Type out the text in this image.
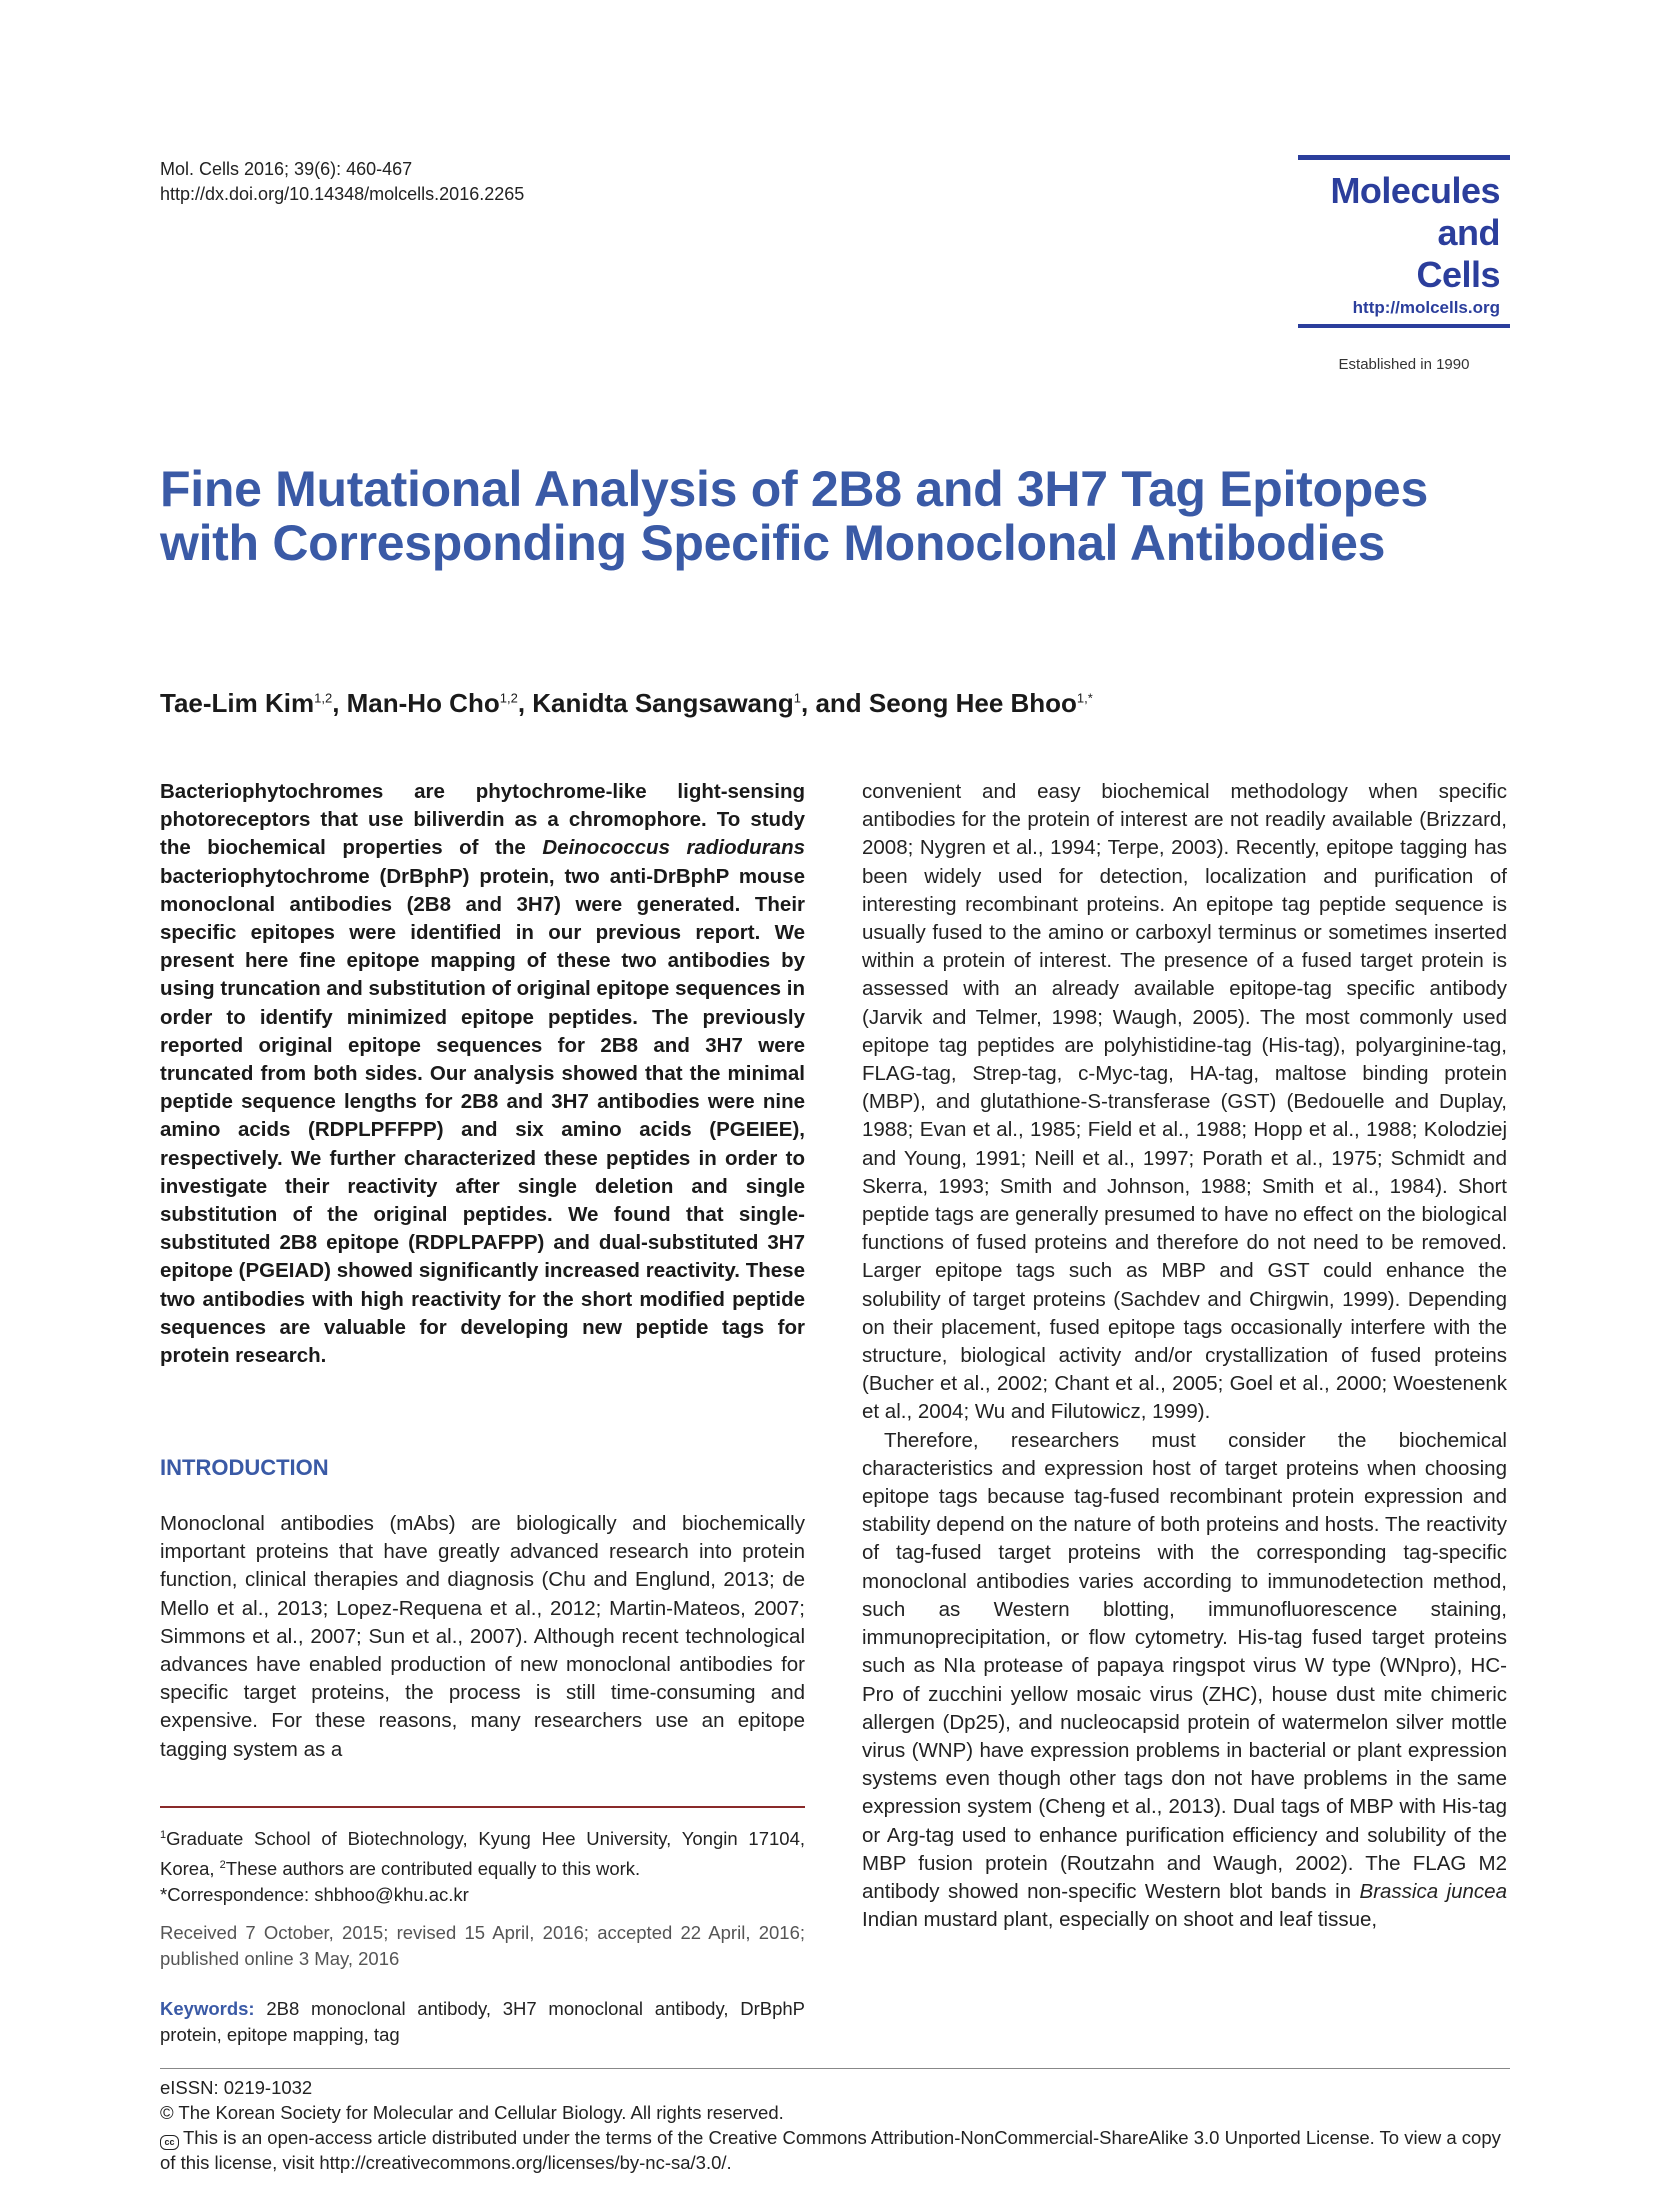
Mol. Cells 2016; 39(6): 460-467
http://dx.doi.org/10.14348/molcells.2016.2265	Molecules
and
Cells
http://molcells.org
Established in 1990
Fine Mutational Analysis of 2B8 and 3H7 Tag Epitopes with Corresponding Specific Monoclonal Antibodies
Tae-Lim Kim$^{1,2}$, Man-Ho Cho$^{1,2}$, Kanidta Sangsawang$^1$, and Seong Hee Bhoo$^{1,*}$
Bacteriophytochromes are phytochrome-like light-sensing photoreceptors that use biliverdin as a chromophore. To study the biochemical properties of the Deinococcus radiodurans bacteriophytochrome (DrBphP) protein, two anti-DrBphP mouse monoclonal antibodies (2B8 and 3H7) were generated. Their specific epitopes were identified in our previous report. We present here fine epitope mapping of these two antibodies by using truncation and substitution of original epitope sequences in order to identify minimized epitope peptides. The previously reported original epitope sequences for 2B8 and 3H7 were truncated from both sides. Our analysis showed that the minimal peptide sequence lengths for 2B8 and 3H7 antibodies were nine amino acids (RDPLPFFPP) and six amino acids (PGEIEE), respectively. We further characterized these peptides in order to investigate their reactivity after single deletion and single substitution of the original peptides. We found that single-substituted 2B8 epitope (RDPLPAFPP) and dual-substituted 3H7 epitope (PGEIAD) showed significantly increased reactivity. These two antibodies with high reactivity for the short modified peptide sequences are valuable for developing new peptide tags for protein research.
INTRODUCTION
Monoclonal antibodies (mAbs) are biologically and biochemically important proteins that have greatly advanced research into protein function, clinical therapies and diagnosis (Chu and Englund, 2013; de Mello et al., 2013; Lopez-Requena et al., 2012; Martin-Mateos, 2007; Simmons et al., 2007; Sun et al., 2007). Although recent technological advances have enabled production of new monoclonal antibodies for specific target proteins, the process is still time-consuming and expensive. For these reasons, many researchers use an epitope tagging system as a
$^1$Graduate School of Biotechnology, Kyung Hee University, Yongin 17104, Korea, $^2$These authors are contributed equally to this work.
*Correspondence: shbhoo@khu.ac.kr
Received 7 October, 2015; revised 15 April, 2016; accepted 22 April, 2016; published online 3 May, 2016
Keywords: 2B8 monoclonal antibody, 3H7 monoclonal antibody, DrBphP protein, epitope mapping, tag

convenient and easy biochemical methodology when specific antibodies for the protein of interest are not readily available (Brizzard, 2008; Nygren et al., 1994; Terpe, 2003). Recently, epitope tagging has been widely used for detection, localization and purification of interesting recombinant proteins. An epitope tag peptide sequence is usually fused to the amino or carboxyl terminus or sometimes inserted within a protein of interest. The presence of a fused target protein is assessed with an already available epitope-tag specific antibody (Jarvik and Telmer, 1998; Waugh, 2005). The most commonly used epitope tag peptides are polyhistidine-tag (His-tag), polyarginine-tag, FLAG-tag, Strep-tag, c-Myc-tag, HA-tag, maltose binding protein (MBP), and glutathione-S-transferase (GST) (Bedouelle and Duplay, 1988; Evan et al., 1985; Field et al., 1988; Hopp et al., 1988; Kolodziej and Young, 1991; Neill et al., 1997; Porath et al., 1975; Schmidt and Skerra, 1993; Smith and Johnson, 1988; Smith et al., 1984). Short peptide tags are generally presumed to have no effect on the biological functions of fused proteins and therefore do not need to be removed. Larger epitope tags such as MBP and GST could enhance the solubility of target proteins (Sachdev and Chirgwin, 1999). Depending on their placement, fused epitope tags occasionally interfere with the structure, biological activity and/or crystallization of fused proteins (Bucher et al., 2002; Chant et al., 2005; Goel et al., 2000; Woestenenk et al., 2004; Wu and Filutowicz, 1999).

Therefore, researchers must consider the biochemical characteristics and expression host of target proteins when choosing epitope tags because tag-fused recombinant protein expression and stability depend on the nature of both proteins and hosts. The reactivity of tag-fused target proteins with the corresponding tag-specific monoclonal antibodies varies according to immunodetection method, such as Western blotting, immunofluorescence staining, immunoprecipitation, or flow cytometry. His-tag fused target proteins such as NIa protease of papaya ringspot virus W type (WNpro), HC-Pro of zucchini yellow mosaic virus (ZHC), house dust mite chimeric allergen (Dp25), and nucleocapsid protein of watermelon silver mottle virus (WNP) have expression problems in bacterial or plant expression systems even though other tags don not have problems in the same expression system (Cheng et al., 2013). Dual tags of MBP with His-tag or Arg-tag used to enhance purification efficiency and solubility of the MBP fusion protein (Routzahn and Waugh, 2002). The FLAG M2 antibody showed non-specific Western blot bands in Brassica juncea Indian mustard plant, especially on shoot and leaf tissue,

eISSN: 0219-1032
© The Korean Society for Molecular and Cellular Biology. All rights reserved.
cc This is an open-access article distributed under the terms of the Creative Commons Attribution-NonCommercial-ShareAlike 3.0 Unported License. To view a copy of this license, visit http://creativecommons.org/licenses/by-nc-sa/3.0/.
